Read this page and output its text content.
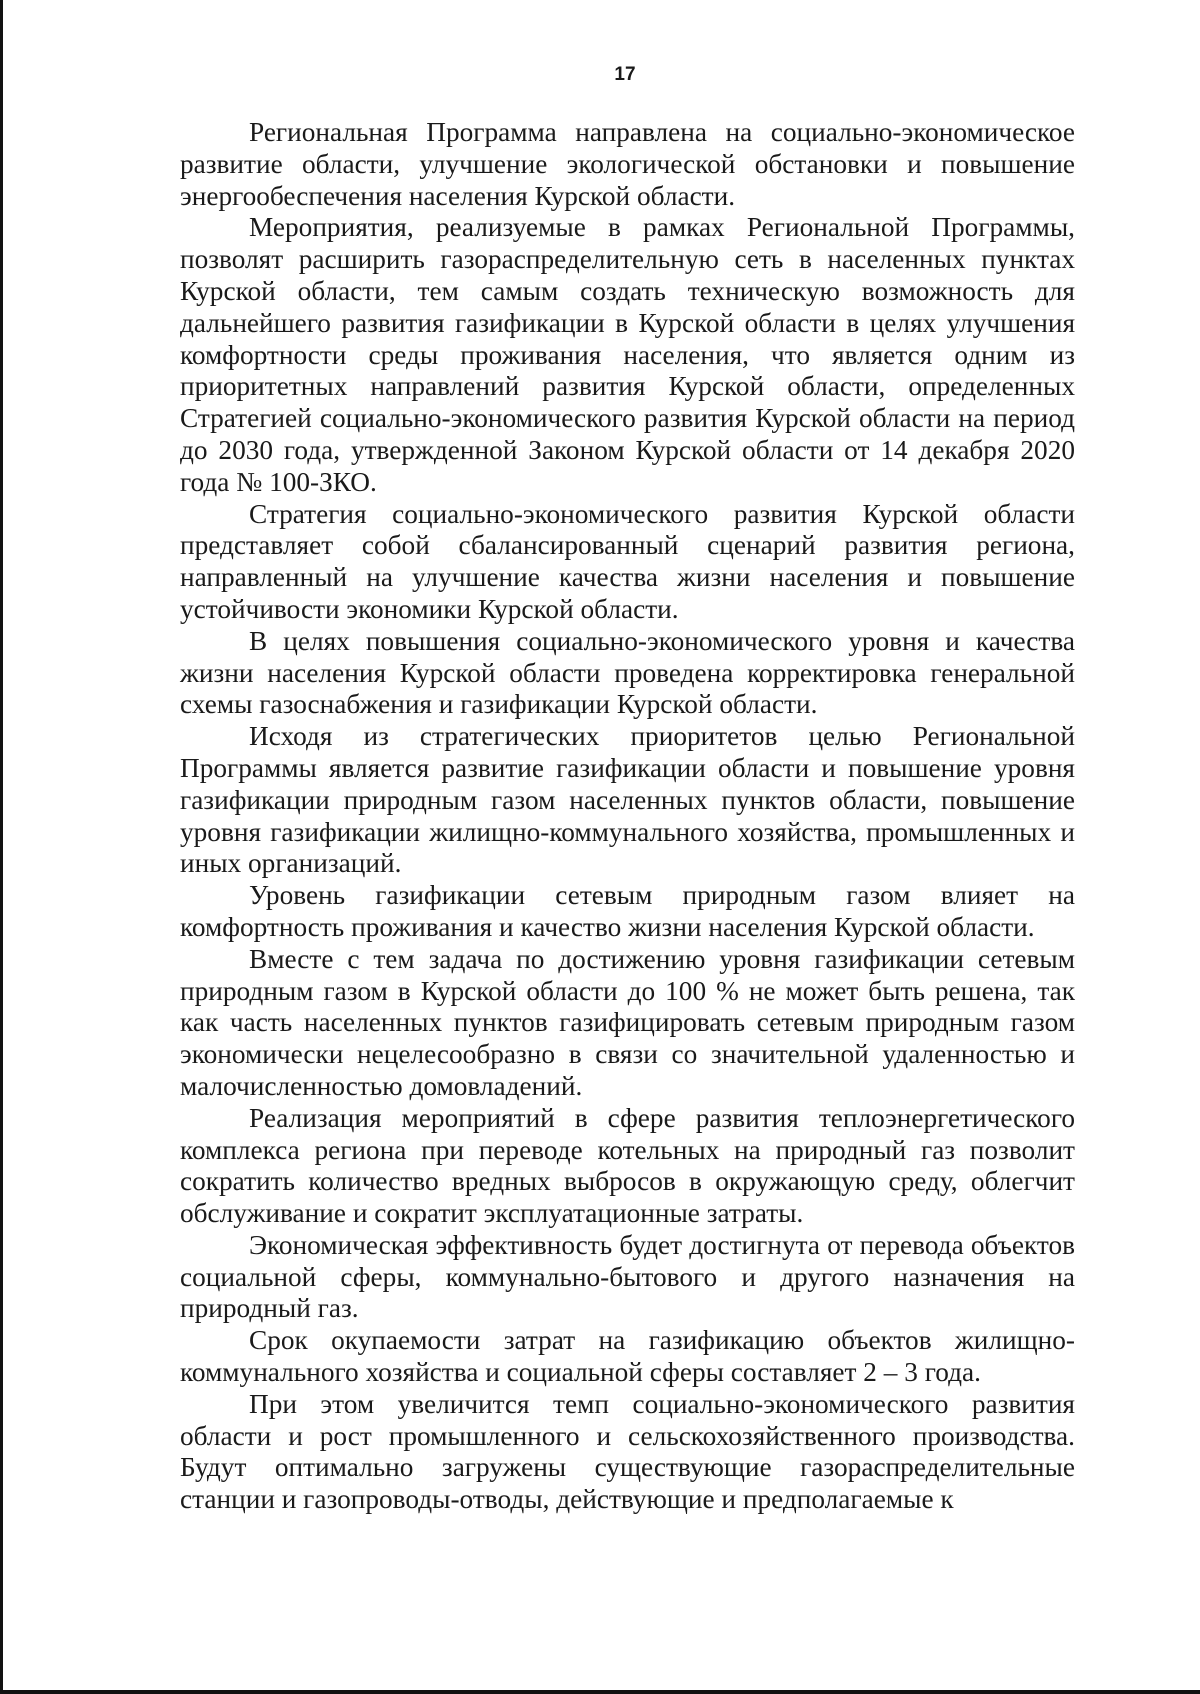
17

Региональная Программа направлена на социально-экономическое развитие области, улучшение экологической обстановки и повышение энергообеспечения населения Курской области.

Мероприятия, реализуемые в рамках Региональной Программы, позволят расширить газораспределительную сеть в населенных пунктах Курской области, тем самым создать техническую возможность для дальнейшего развития газификации в Курской области в целях улучшения комфортности среды проживания населения, что является одним из приоритетных направлений развития Курской области, определенных Стратегией социально-экономического развития Курской области на период до 2030 года, утвержденной Законом Курской области от 14 декабря 2020 года № 100-ЗКО.

Стратегия социально-экономического развития Курской области представляет собой сбалансированный сценарий развития региона, направленный на улучшение качества жизни населения и повышение устойчивости экономики Курской области.

В целях повышения социально-экономического уровня и качества жизни населения Курской области проведена корректировка генеральной схемы газоснабжения и газификации Курской области.

Исходя из стратегических приоритетов целью Региональной Программы является развитие газификации области и повышение уровня газификации природным газом населенных пунктов области, повышение уровня газификации жилищно-коммунального хозяйства, промышленных и иных организаций.

Уровень газификации сетевым природным газом влияет на комфортность проживания и качество жизни населения Курской области.

Вместе с тем задача по достижению уровня газификации сетевым природным газом в Курской области до 100 % не может быть решена, так как часть населенных пунктов газифицировать сетевым природным газом экономически нецелесообразно в связи со значительной удаленностью и малочисленностью домовладений.

Реализация мероприятий в сфере развития теплоэнергетического комплекса региона при переводе котельных на природный газ позволит сократить количество вредных выбросов в окружающую среду, облегчит обслуживание и сократит эксплуатационные затраты.

Экономическая эффективность будет достигнута от перевода объектов социальной сферы, коммунально-бытового и другого назначения на природный газ.

Срок окупаемости затрат на газификацию объектов жилищно-коммунального хозяйства и социальной сферы составляет 2 – 3 года.

При этом увеличится темп социально-экономического развития области и рост промышленного и сельскохозяйственного производства. Будут оптимально загружены существующие газораспределительные станции и газопроводы-отводы, действующие и предполагаемые к
